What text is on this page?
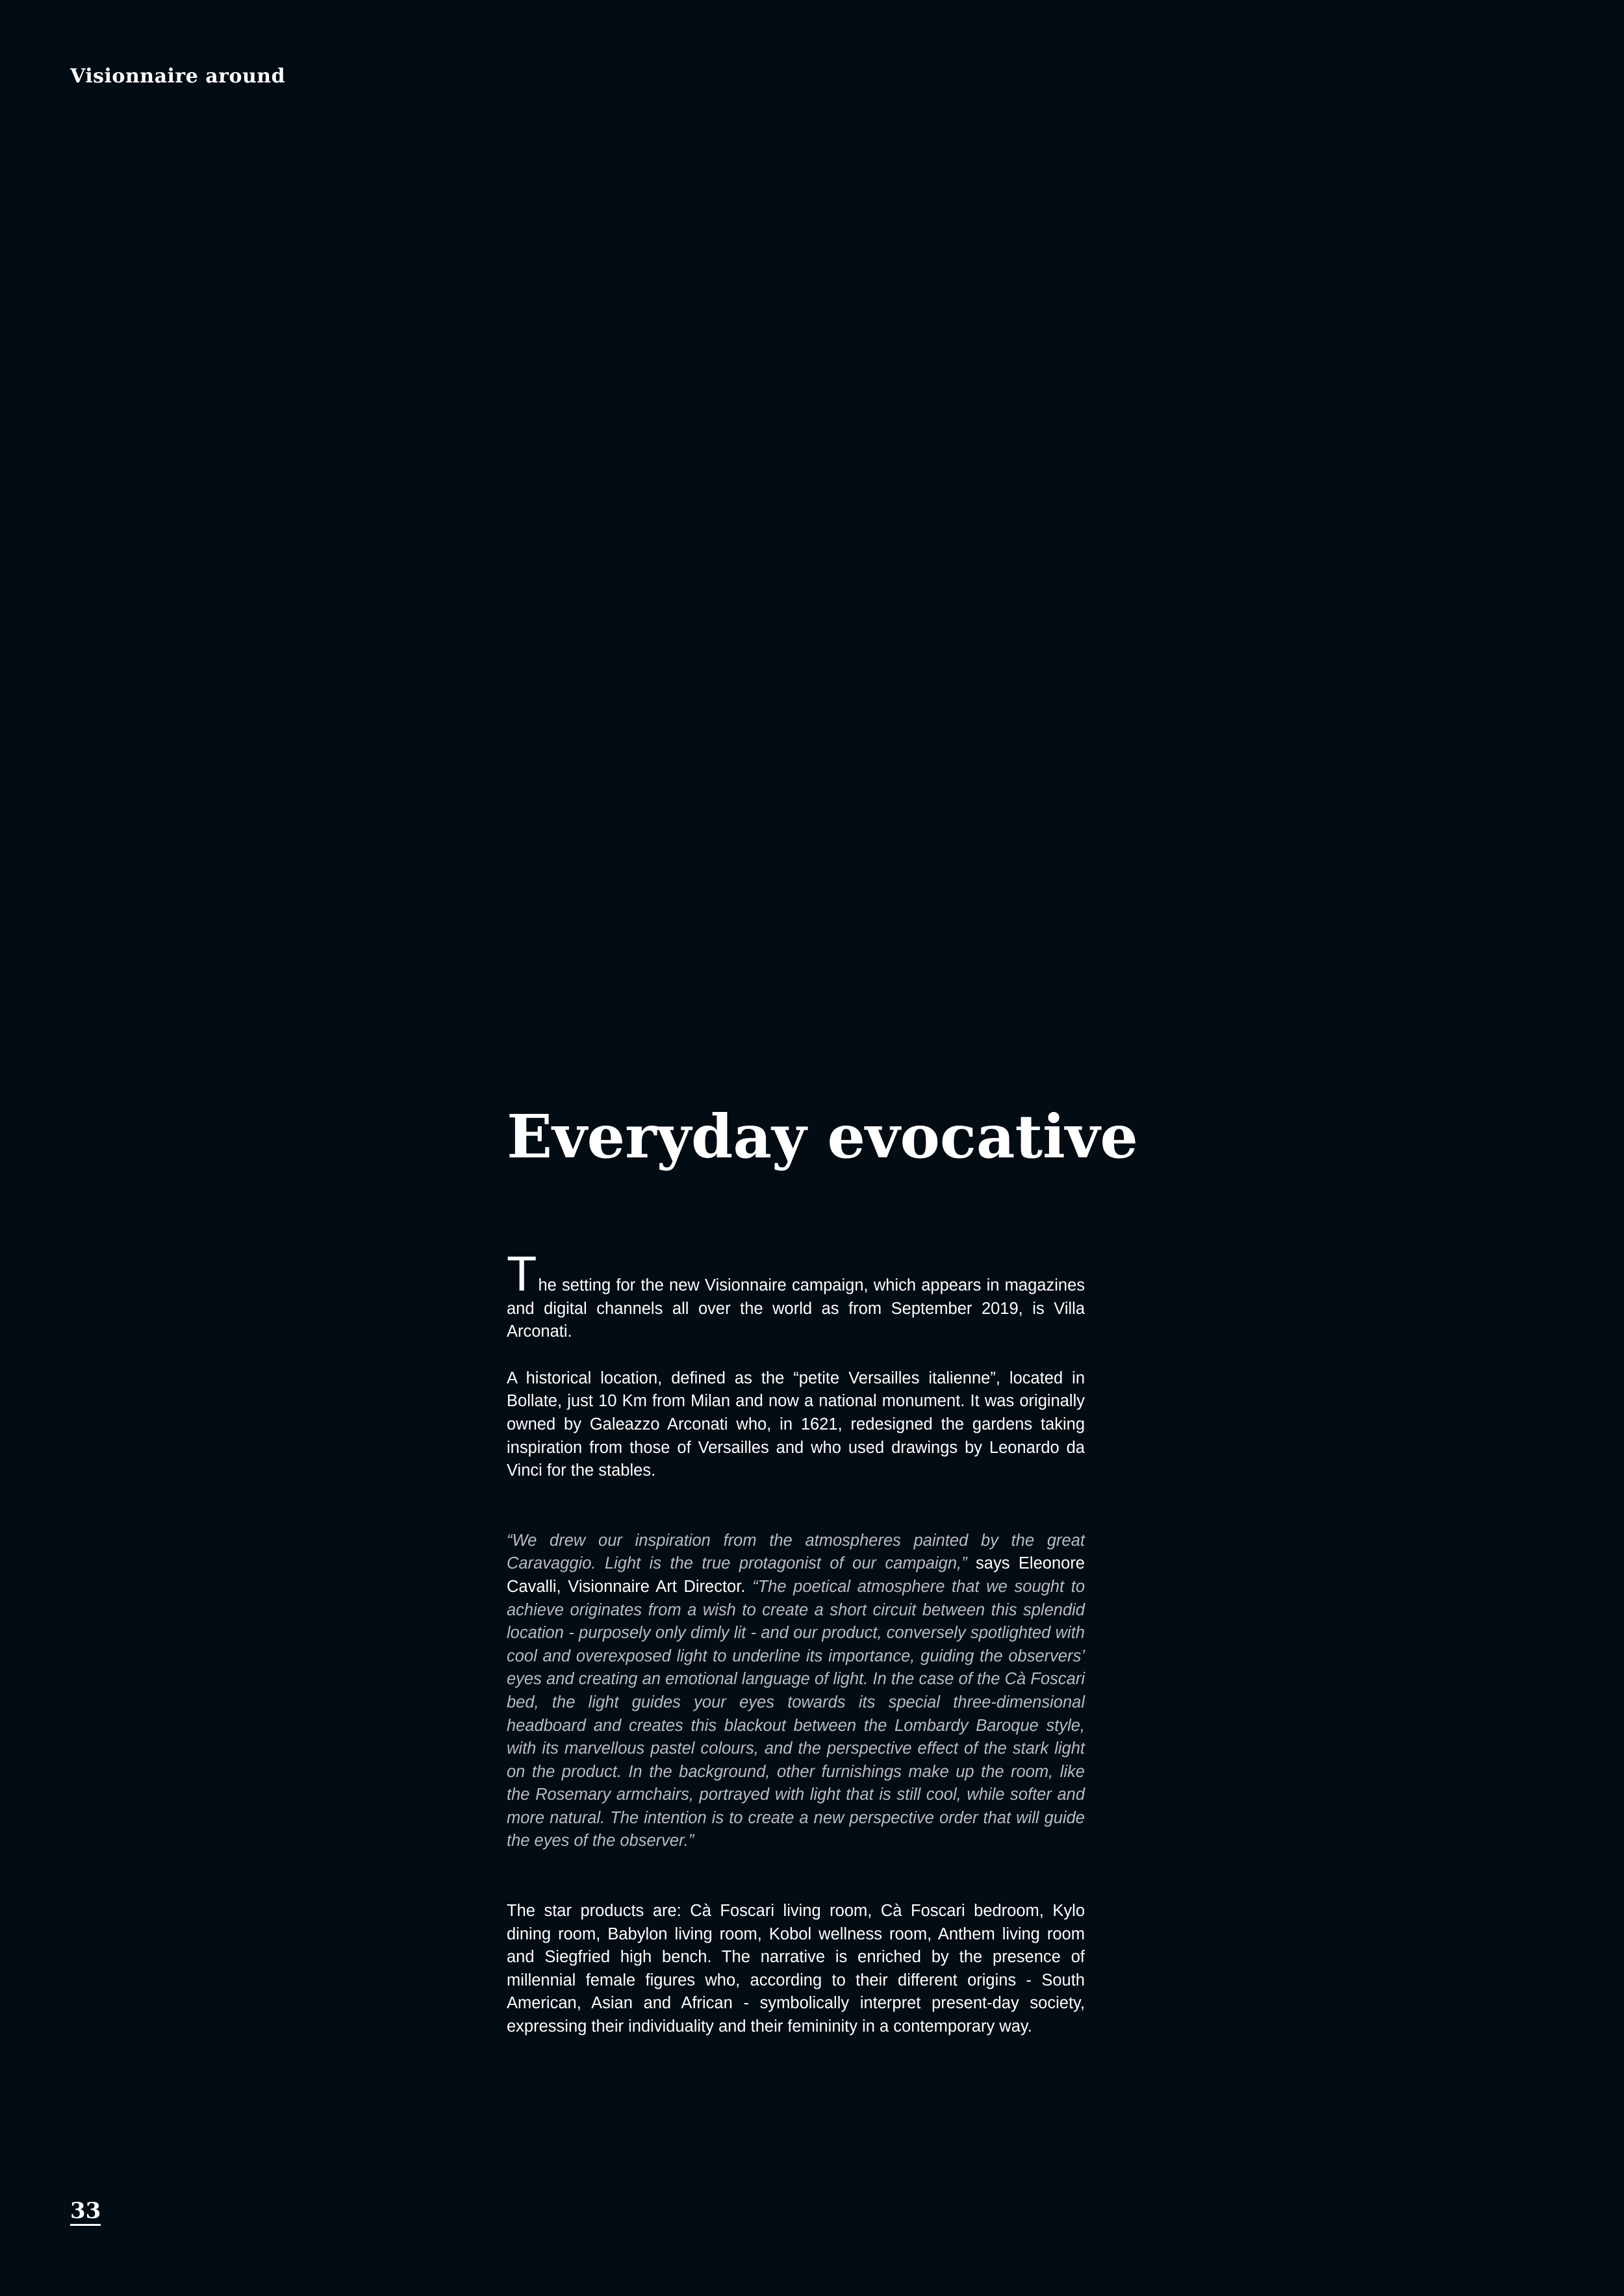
Visionnaire around
Everyday evocative

The setting for the new Visionnaire campaign, which appears in magazines and digital channels all over the world as from September 2019, is Villa Arconati.

A historical location, defined as the “petite Versailles italienne”, located in Bollate, just 10 Km from Milan and now a national monument. It was originally owned by Galeazzo Arconati who, in 1621, redesigned the gardens taking inspiration from those of Versailles and who used drawings by Leonardo da Vinci for the stables.

“We drew our inspiration from the atmospheres painted by the great Caravaggio. Light is the true protagonist of our campaign,” says Eleonore Cavalli, Visionnaire Art Director. “The poetical atmosphere that we sought to achieve originates from a wish to create a short circuit between this splendid location - purposely only dimly lit - and our product, conversely spotlighted with cool and overexposed light to underline its importance, guiding the observers’ eyes and creating an emotional language of light. In the case of the Cà Foscari bed, the light guides your eyes towards its special three-dimensional headboard and creates this blackout between the Lombardy Baroque style, with its marvellous pastel colours, and the perspective effect of the stark light on the product. In the background, other furnishings make up the room, like the Rosemary armchairs, portrayed with light that is still cool, while softer and more natural. The intention is to create a new perspective order that will guide the eyes of the observer.”

The star products are: Cà Foscari living room, Cà Foscari bedroom, Kylo dining room, Babylon living room, Kobol wellness room, Anthem living room and Siegfried high bench. The narrative is enriched by the presence of millennial female figures who, according to their different origins - South American, Asian and African - symbolically interpret present-day society, expressing their individuality and their femininity in a contemporary way.

33
